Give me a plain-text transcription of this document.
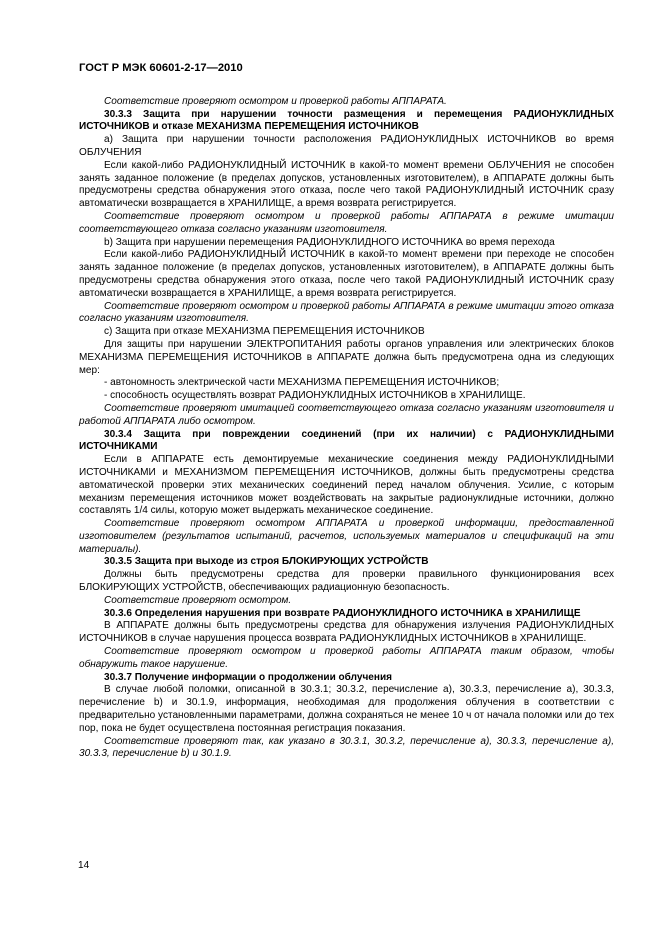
ГОСТ Р МЭК 60601-2-17—2010

Соответствие проверяют осмотром и проверкой работы АППАРАТА.

30.3.3 Защита при нарушении точности размещения и перемещения РАДИОНУКЛИДНЫХ ИСТОЧНИКОВ и отказе МЕХАНИЗМА ПЕРЕМЕЩЕНИЯ ИСТОЧНИКОВ

a) Защита при нарушении точности расположения РАДИОНУКЛИДНЫХ ИСТОЧНИКОВ во время ОБЛУЧЕНИЯ

Если какой-либо РАДИОНУКЛИДНЫЙ ИСТОЧНИК в какой-то момент времени ОБЛУЧЕНИЯ не способен занять заданное положение (в пределах допусков, установленных изготовителем), в АППАРАТЕ должны быть предусмотрены средства обнаружения этого отказа, после чего такой РАДИОНУКЛИДНЫЙ ИСТОЧНИК сразу автоматически возвращается в ХРАНИЛИЩЕ, а время возврата регистрируется.

Соответствие проверяют осмотром и проверкой работы АППАРАТА в режиме имитации соответствующего отказа согласно указаниям изготовителя.

b) Защита при нарушении перемещения РАДИОНУКЛИДНОГО ИСТОЧНИКА во время перехода

Если какой-либо РАДИОНУКЛИДНЫЙ ИСТОЧНИК в какой-то момент времени при переходе не способен занять заданное положение (в пределах допусков, установленных изготовителем), в АППАРАТЕ должны быть предусмотрены средства обнаружения этого отказа, после чего такой РАДИОНУКЛИДНЫЙ ИСТОЧНИК сразу автоматически возвращается в ХРАНИЛИЩЕ, а время возврата регистрируется.

Соответствие проверяют осмотром и проверкой работы АППАРАТА в режиме имитации этого отказа согласно указаниям изготовителя.

c) Защита при отказе МЕХАНИЗМА ПЕРЕМЕЩЕНИЯ ИСТОЧНИКОВ

Для защиты при нарушении ЭЛЕКТРОПИТАНИЯ работы органов управления или электрических блоков МЕХАНИЗМА ПЕРЕМЕЩЕНИЯ ИСТОЧНИКОВ в АППАРАТЕ должна быть предусмотрена одна из следующих мер:

- автономность электрической части МЕХАНИЗМА ПЕРЕМЕЩЕНИЯ ИСТОЧНИКОВ;

- способность осуществлять возврат РАДИОНУКЛИДНЫХ ИСТОЧНИКОВ в ХРАНИЛИЩЕ.

Соответствие проверяют имитацией соответствующего отказа согласно указаниям изготовителя и работой АППАРАТА либо осмотром.

30.3.4 Защита при повреждении соединений (при их наличии) с РАДИОНУКЛИДНЫМИ ИСТОЧНИКАМИ

Если в АППАРАТЕ есть демонтируемые механические соединения между РАДИОНУКЛИДНЫМИ ИСТОЧНИКАМИ и МЕХАНИЗМОМ ПЕРЕМЕЩЕНИЯ ИСТОЧНИКОВ, должны быть предусмотрены средства автоматической проверки этих механических соединений перед началом облучения. Усилие, с которым механизм перемещения источников может воздействовать на закрытые радионуклидные источники, должно составлять 1/4 силы, которую может выдержать механическое соединение.

Соответствие проверяют осмотром АППАРАТА и проверкой информации, предоставленной изготовителем (результатов испытаний, расчетов, используемых материалов и спецификаций на эти материалы).

30.3.5 Защита при выходе из строя БЛОКИРУЮЩИХ УСТРОЙСТВ

Должны быть предусмотрены средства для проверки правильного функционирования всех БЛОКИРУЮЩИХ УСТРОЙСТВ, обеспечивающих радиационную безопасность.

Соответствие проверяют осмотром.

30.3.6 Определения нарушения при возврате РАДИОНУКЛИДНОГО ИСТОЧНИКА в ХРАНИЛИЩЕ

В АППАРАТЕ должны быть предусмотрены средства для обнаружения излучения РАДИОНУКЛИДНЫХ ИСТОЧНИКОВ в случае нарушения процесса возврата РАДИОНУКЛИДНЫХ ИСТОЧНИКОВ в ХРАНИЛИЩЕ.

Соответствие проверяют осмотром и проверкой работы АППАРАТА таким образом, чтобы обнаружить такое нарушение.

30.3.7 Получение информации о продолжении облучения

В случае любой поломки, описанной в 30.3.1; 30.3.2, перечисление а), 30.3.3, перечисление а), 30.3.3, перечисление b) и 30.1.9, информация, необходимая для продолжения облучения в соответствии с предварительно установленными параметрами, должна сохраняться не менее 10 ч от начала поломки или до тех пор, пока не будет осуществлена постоянная регистрация показания.

Соответствие проверяют так, как указано в 30.3.1, 30.3.2, перечисление а), 30.3.3, перечисление а), 30.3.3, перечисление b) и 30.1.9.

14
